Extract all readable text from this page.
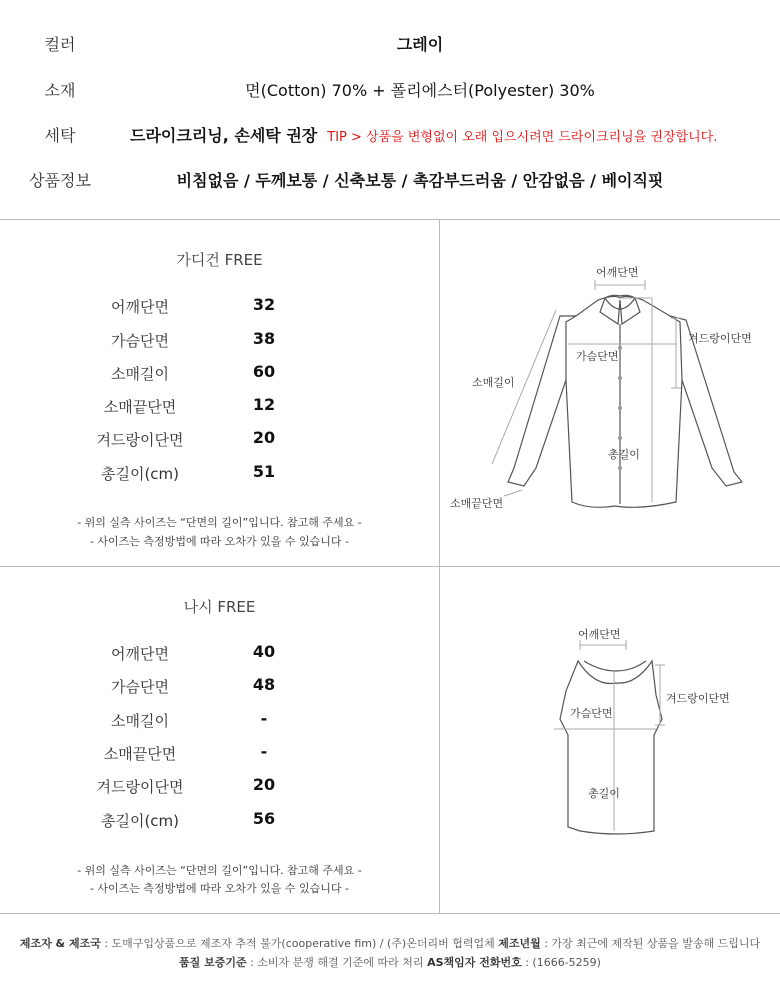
컬러	그레이
소재	면(Cotton) 70% + 폴리에스터(Polyester) 30%
세탁	드라이크리닝, 손세탁 권장 TIP > 상품을 변형없이 오래 입으시려면 드라이크리닝을 권장합니다.
상품정보	비침없음 / 두께보통 / 신축보통 / 촉감부드러움 / 안감없음 / 베이직핏
가디건 FREE
어깨단면	32
가슴단면	38
소매길이	60
소매끝단면	12
겨드랑이단면	20
총길이(cm)	51
- 위의 실측 사이즈는 “단면의 길이”입니다. 참고해 주세요 -
- 사이즈는 측정방법에 따라 오차가 있을 수 있습니다 -
어깨단면
겨드랑이단면
가슴단면
소매길이
총길이
소매끝단면
나시 FREE
어깨단면	40
가슴단면	48
소매길이	-
소매끝단면	-
겨드랑이단면	20
총길이(cm)	56
- 위의 실측 사이즈는 “단면의 길이”입니다. 참고해 주세요 -
- 사이즈는 측정방법에 따라 오차가 있을 수 있습니다 -
어깨단면
겨드랑이단면
가슴단면
총길이
제조자 & 제조국 : 도매구입상품으로 제조자 추적 불가(cooperative fim) / (주)온더리버 협력업체 제조년월 : 가장 최근에 제작된 상품을 발송해 드립니다
품질 보증기준 : 소비자 분쟁 해결 기준에 따라 처리 AS책임자 전화번호 : (1666-5259)
